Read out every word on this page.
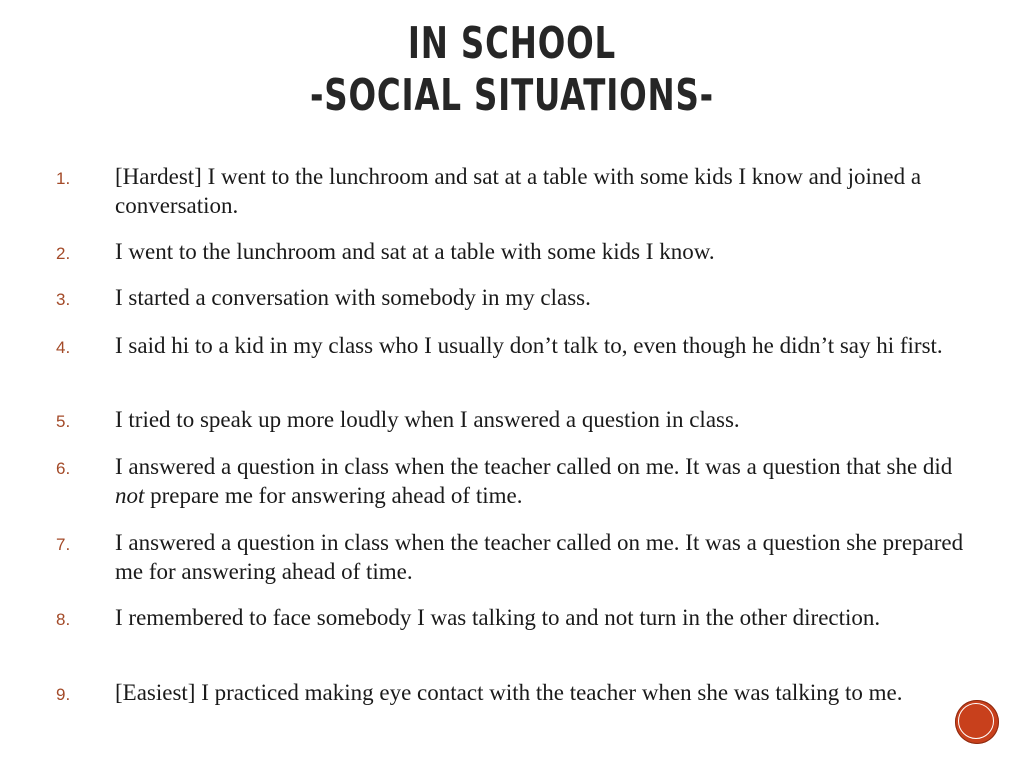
IN SCHOOL
-SOCIAL SITUATIONS-
1.	[Hardest] I went to the lunchroom and sat at a table with some kids I know and joined a conversation.
2.	I went to the lunchroom and sat at a table with some kids I know.
3.	I started a conversation with somebody in my class.
4.	I said hi to a kid in my class who I usually don’t talk to, even though he didn’t say hi first.
5.	I tried to speak up more loudly when I answered a question in class.
6.	I answered a question in class when the teacher called on me. It was a question that she did not prepare me for answering ahead of time.
7.	I answered a question in class when the teacher called on me. It was a question she prepared me for answering ahead of time.
8.	I remembered to face somebody I was talking to and not turn in the other direction.
9.	[Easiest] I practiced making eye contact with the teacher when she was talking to me.
